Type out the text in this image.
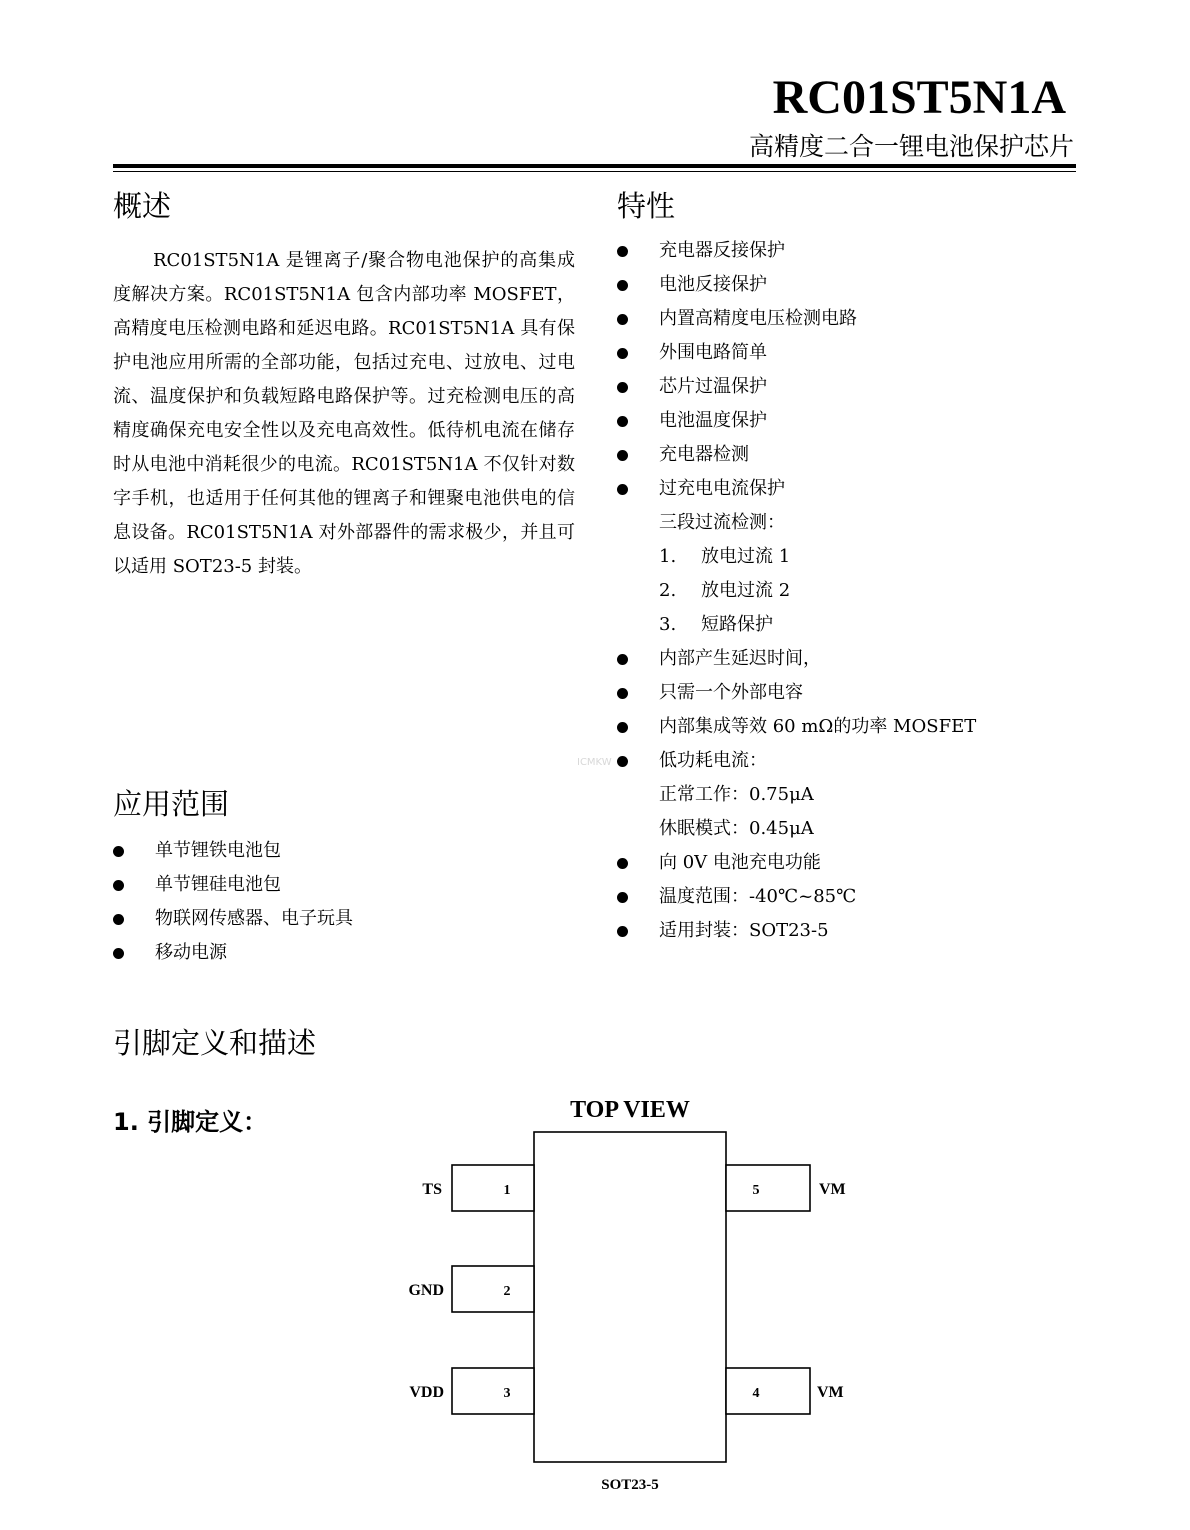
RC01ST5N1A
高精度二合一锂电池保护芯片
概述
RC01ST5N1A 是锂离子/聚合物电池保护的高集成度解决方案。RC01ST5N1A 包含内部功率 MOSFET，高精度电压检测电路和延迟电路。RC01ST5N1A 具有保护电池应用所需的全部功能，包括过充电、过放电、过电流、温度保护和负载短路电路保护等。过充检测电压的高精度确保充电安全性以及充电高效性。低待机电流在储存时从电池中消耗很少的电流。RC01ST5N1A 不仅针对数字手机，也适用于任何其他的锂离子和锂聚电池供电的信息设备。RC01ST5N1A 对外部器件的需求极少，并且可以适用 SOT23-5 封装。
特性
充电器反接保护
电池反接保护
内置高精度电压检测电路
外围电路简单
芯片过温保护
电池温度保护
充电器检测
过充电电流保护
三段过流检测：
1. 放电过流 1
2. 放电过流 2
3. 短路保护
内部产生延迟时间，
只需一个外部电容
内部集成等效 60 mΩ的功率 MOSFET
低功耗电流：
正常工作：0.75μA
休眠模式：0.45μA
向 0V 电池充电功能
温度范围：-40℃~85℃
适用封装：SOT23-5
ICMKW
应用范围
单节锂铁电池包
单节锂硅电池包
物联网传感器、电子玩具
移动电源
引脚定义和描述
1. 引脚定义：	TOP VIEW
1
TS
2
GND
3
VDD
5	VM
4	VM
SOT23-5
